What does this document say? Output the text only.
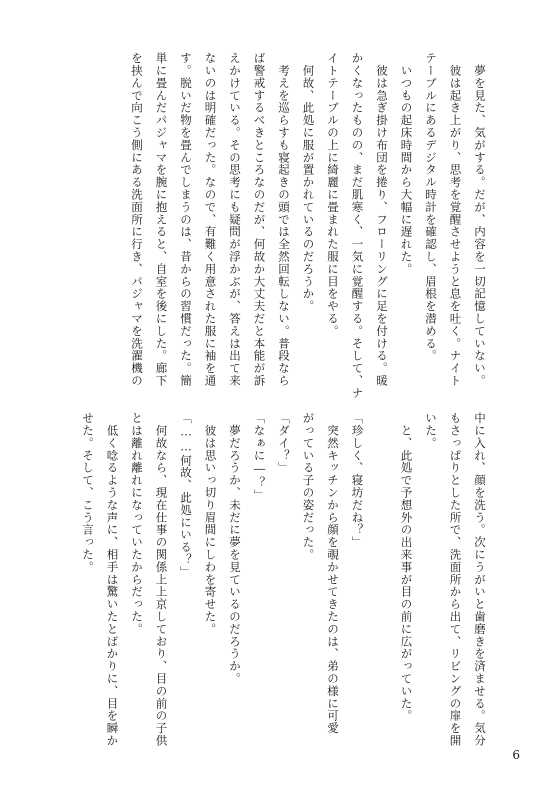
　夢を見た、気がする。だが、内容を一切記憶していない。
　彼は起き上がり、思考を覚醒させようと息を吐く。ナイト
テーブルにあるデジタル時計を確認し、眉根を潜める。
　いつもの起床時間から大幅に遅れた。
　彼は急ぎ掛け布団を捲り、フローリングに足を付ける。暖
かくなったものの、まだ肌寒く、一気に覚醒する。そして、ナ
イトテーブルの上に綺麗に畳まれた服に目をやる。
　何故、此処に服が置かれているのだろうか。
　考えを巡らすも寝起きの頭では全然回転しない。普段なら
ば警戒するべきところなのだが、何故か大丈夫だと本能が訴
えかけている。その思考にも疑問が浮かぶが、答えは出て来
ないのは明確だった。なので、有難く用意された服に袖を通
す。脱いだ物を畳んでしまうのは、昔からの習慣だった。簡
単に畳んだパジャマを腕に抱えると、自室を後にした。廊下
を挟んで向こう側にある洗面所に行き、パジャマを洗濯機の
中に入れ、顔を洗う。次にうがいと歯磨きを済ませる。気分
もさっぱりとした所で、洗面所から出て、リビングの扉を開
いた。
　と、此処で予想外の出来事が目の前に広がっていた。

「珍しく、寝坊だね？」
　突然キッチンから顔を覗かせてきたのは、弟の様に可愛
がっている子の姿だった。
「ダイ？」
「なぁに―？」
　夢だろうか、未だに夢を見ているのだろうか。
　彼は思いっ切り眉間にしわを寄せた。
「……何故、此処にいる？」
　何故なら、現在仕事の関係上上京しており、目の前の子供
とは離れ離れになっていたからだった。
　低く唸るような声に、相手は驚いたとばかりに、目を瞬か
せた。そして、こう言った。
6
